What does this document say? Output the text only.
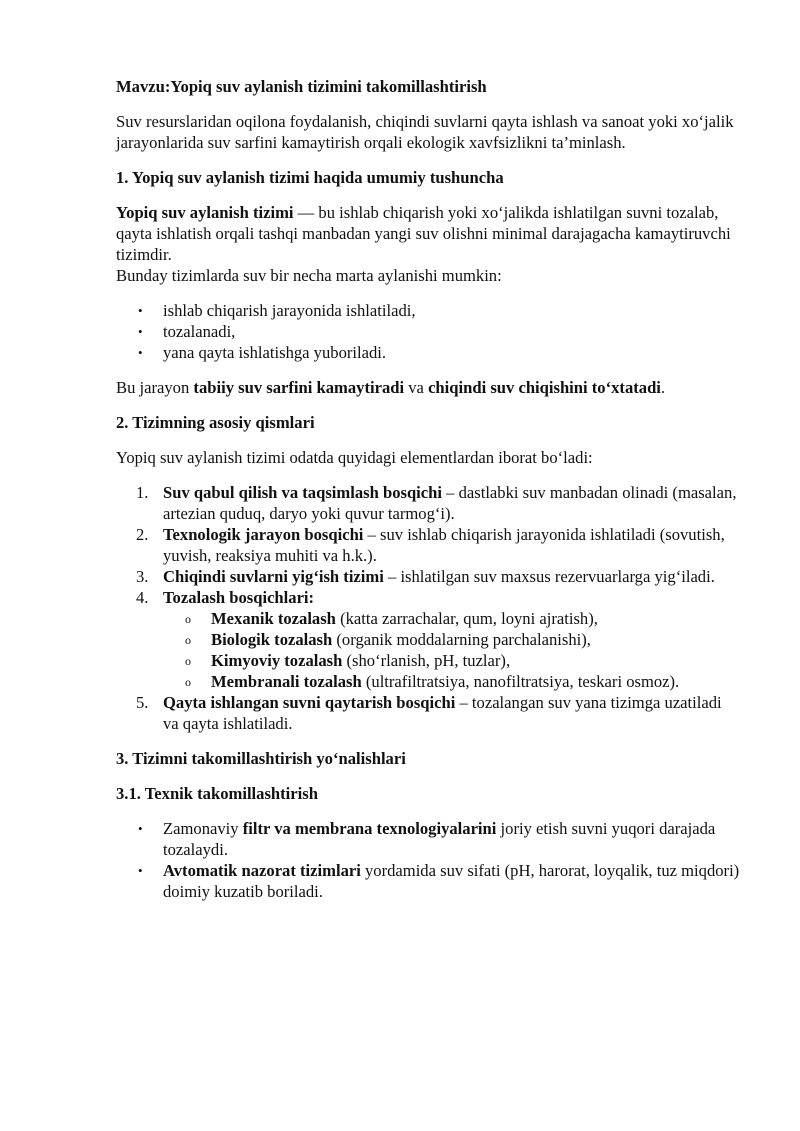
Mavzu:Yopiq suv aylanish tizimini takomillashtirish

Suv resurslaridan oqilona foydalanish, chiqindi suvlarni qayta ishlash va sanoat yoki xo‘jalik jarayonlarida suv sarfini kamaytirish orqali ekologik xavfsizlikni ta’minlash.

1. Yopiq suv aylanish tizimi haqida umumiy tushuncha

Yopiq suv aylanish tizimi — bu ishlab chiqarish yoki xo‘jalikda ishlatilgan suvni tozalab, qayta ishlatish orqali tashqi manbadan yangi suv olishni minimal darajagacha kamaytiruvchi tizimdir.

Bunday tizimlarda suv bir necha marta aylanishi mumkin:

• ishlab chiqarish jarayonida ishlatiladi,
• tozalanadi,
• yana qayta ishlatishga yuboriladi.

Bu jarayon tabiiy suv sarfini kamaytiradi va chiqindi suv chiqishini to‘xtatadi.

2. Tizimning asosiy qismlari

Yopiq suv aylanish tizimi odatda quyidagi elementlardan iborat bo‘ladi:

1. Suv qabul qilish va taqsimlash bosqichi – dastlabki suv manbadan olinadi (masalan, artezian quduq, daryo yoki quvur tarmog‘i).
2. Texnologik jarayon bosqichi – suv ishlab chiqarish jarayonida ishlatiladi (sovutish, yuvish, reaksiya muhiti va h.k.).
3. Chiqindi suvlarni yig‘ish tizimi – ishlatilgan suv maxsus rezervuarlarga yig‘iladi.
4. Tozalash bosqichlari:
o Mexanik tozalash (katta zarrachalar, qum, loyni ajratish),
o Biologik tozalash (organik moddalarning parchalanishi),
o Kimyoviy tozalash (sho‘rlanish, pH, tuzlar),
o Membranali tozalash (ultrafiltratsiya, nanofiltratsiya, teskari osmoz).
5. Qayta ishlangan suvni qaytarish bosqichi – tozalangan suv yana tizimga uzatiladi va qayta ishlatiladi.

3. Tizimni takomillashtirish yo‘nalishlari

3.1. Texnik takomillashtirish

• Zamonaviy filtr va membrana texnologiyalarini joriy etish suvni yuqori darajada tozalaydi.
• Avtomatik nazorat tizimlari yordamida suv sifati (pH, harorat, loyqalik, tuz miqdori) doimiy kuzatib boriladi.
